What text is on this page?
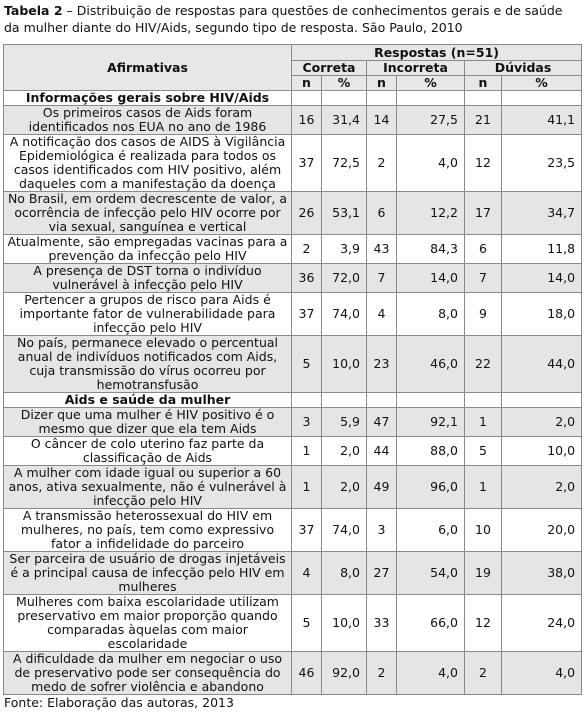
Tabela 2 – Distribuição de respostas para questões de conhecimentos gerais e de saúde da mulher diante do HIV/Aids, segundo tipo de resposta. São Paulo, 2010
Afirmativas	Respostas (n=51)					
	Correta		Incorreta		Dúvidas	
	n	%	n	%	n	%
Informações gerais sobre HIV/Aids						
Os primeiros casos de Aids foram identificados nos EUA no ano de 1986	16	31,4	14	27,5	21	41,1
A notificação dos casos de AIDS à Vigilância Epidemiológica é realizada para todos os casos identificados com HIV positivo, além daqueles com a manifestação da doença	37	72,5	2	4,0	12	23,5
No Brasil, em ordem decrescente de valor, a ocorrência de infecção pelo HIV ocorre por via sexual, sanguínea e vertical	26	53,1	6	12,2	17	34,7
Atualmente, são empregadas vacinas para a prevenção da infecção pelo HIV	2	3,9	43	84,3	6	11,8
A presença de DST torna o indivíduo vulnerável à infecção pelo HIV	36	72,0	7	14,0	7	14,0
Pertencer a grupos de risco para Aids é importante fator de vulnerabilidade para infecção pelo HIV	37	74,0	4	8,0	9	18,0
No país, permanece elevado o percentual anual de indivíduos notificados com Aids, cuja transmissão do vírus ocorreu por hemotransfusão	5	10,0	23	46,0	22	44,0
Aids e saúde da mulher						
Dizer que uma mulher é HIV positivo é o mesmo que dizer que ela tem Aids	3	5,9	47	92,1	1	2,0
O câncer de colo uterino faz parte da classificação de Aids	1	2,0	44	88,0	5	10,0
A mulher com idade igual ou superior a 60 anos, ativa sexualmente, não é vulnerável à infecção pelo HIV	1	2,0	49	96,0	1	2,0
A transmissão heterossexual do HIV em mulheres, no país, tem como expressivo fator a infidelidade do parceiro	37	74,0	3	6,0	10	20,0
Ser parceira de usuário de drogas injetáveis é a principal causa de infecção pelo HIV em mulheres	4	8,0	27	54,0	19	38,0
Mulheres com baixa escolaridade utilizam preservativo em maior proporção quando comparadas àquelas com maior escolaridade	5	10,0	33	66,0	12	24,0
A dificuldade da mulher em negociar o uso de preservativo pode ser consequência do medo de sofrer violência e abandono	46	92,0	2	4,0	2	4,0
Fonte: Elaboração das autoras, 2013
